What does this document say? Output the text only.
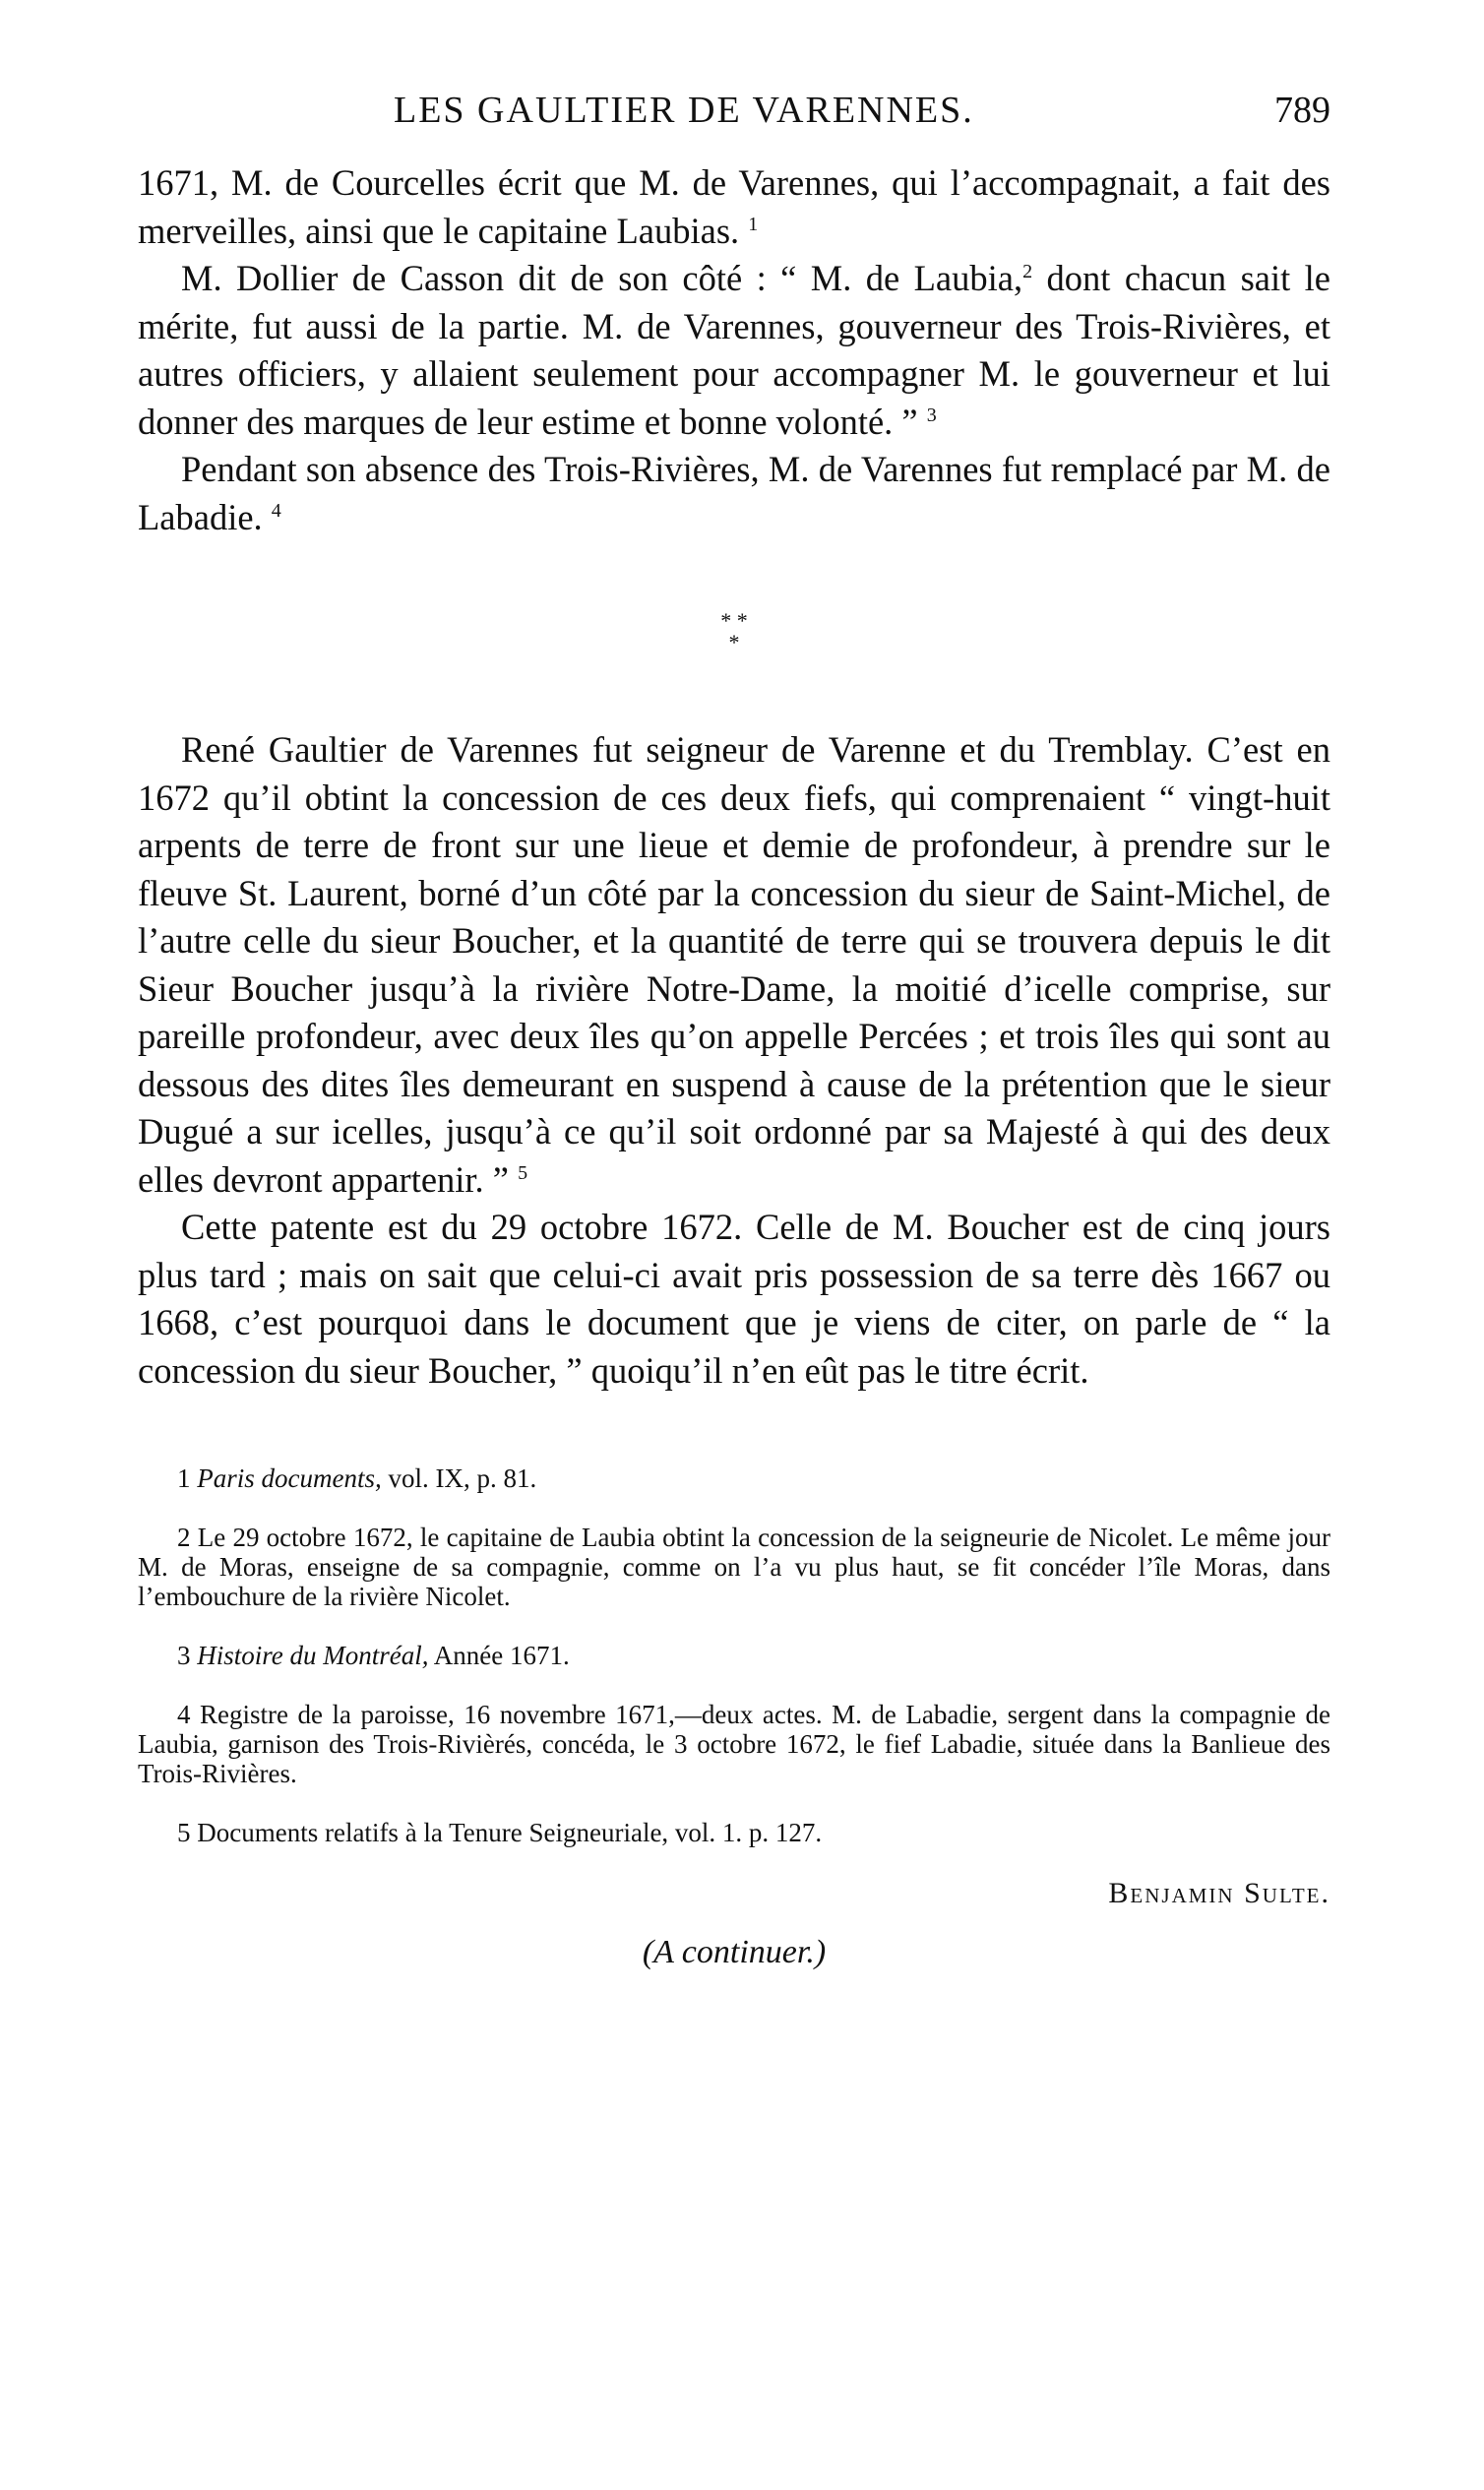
LES GAULTIER DE VARENNES.	789

1671, M. de Courcelles écrit que M. de Varennes, qui l’accompagnait, a fait des merveilles, ainsi que le capitaine Laubias. $^1$

M. Dollier de Casson dit de son côté : “ M. de Laubia,$^2$ dont chacun sait le mérite, fut aussi de la partie. M. de Varennes, gouverneur des Trois-Rivières, et autres officiers, y allaient seulement pour accompagner M. le gouverneur et lui donner des marques de leur estime et bonne volonté. ” $^3$

Pendant son absence des Trois-Rivières, M. de Varennes fut remplacé par M. de Labadie. $^4$

* *
*

René Gaultier de Varennes fut seigneur de Varenne et du Tremblay. C’est en 1672 qu’il obtint la concession de ces deux fiefs, qui comprenaient “ vingt-huit arpents de terre de front sur une lieue et demie de profondeur, à prendre sur le fleuve St. Laurent, borné d’un côté par la concession du sieur de Saint-Michel, de l’autre celle du sieur Boucher, et la quantité de terre qui se trouvera depuis le dit Sieur Boucher jusqu’à la rivière Notre-Dame, la moitié d’icelle comprise, sur pareille profondeur, avec deux îles qu’on appelle Percées ; et trois îles qui sont au dessous des dites îles demeurant en suspend à cause de la prétention que le sieur Dugué a sur icelles, jusqu’à ce qu’il soit ordonné par sa Majesté à qui des deux elles devront appartenir. ” $^5$

Cette patente est du 29 octobre 1672. Celle de M. Boucher est de cinq jours plus tard ; mais on sait que celui-ci avait pris possession de sa terre dès 1667 ou 1668, c’est pourquoi dans le document que je viens de citer, on parle de “ la concession du sieur Boucher, ” quoiqu’il n’en eût pas le titre écrit.

1 Paris documents, vol. IX, p. 81.

2 Le 29 octobre 1672, le capitaine de Laubia obtint la concession de la seigneurie de Nicolet. Le même jour M. de Moras, enseigne de sa compagnie, comme on l’a vu plus haut, se fit concéder l’île Moras, dans l’embouchure de la rivière Nicolet.

3 Histoire du Montréal, Année 1671.

4 Registre de la paroisse, 16 novembre 1671,—deux actes. M. de Labadie, sergent dans la compagnie de Laubia, garnison des Trois-Rivièrés, concéda, le 3 octobre 1672, le fief Labadie, située dans la Banlieue des Trois-Rivières.

5 Documents relatifs à la Tenure Seigneuriale, vol. 1. p. 127.

Benjamin Sulte.
(A continuer.)
